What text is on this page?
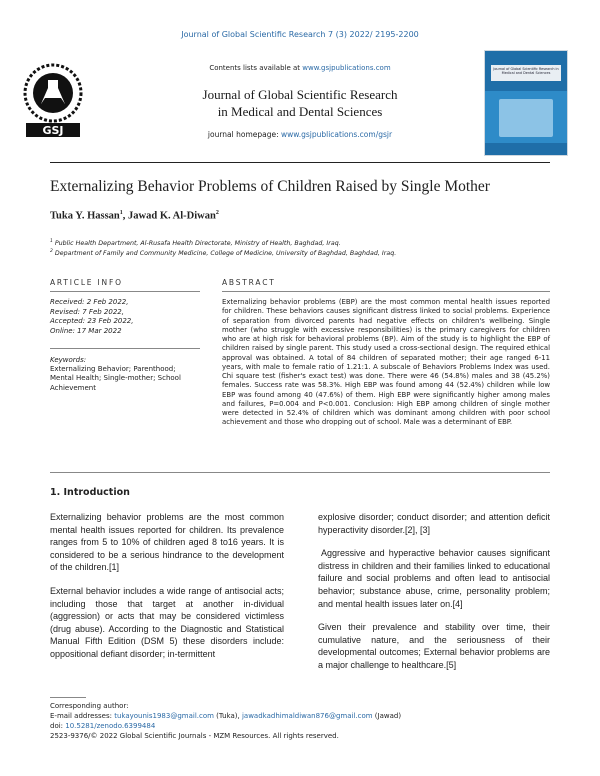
Journal of Global Scientific Research 7 (3) 2022/ 2195-2200
GSJ
Contents lists available at www.gsjpublications.com
Journal of Global Scientific Research
in Medical and Dental Sciences
journal homepage: www.gsjpublications.com/gsjr
Journal of Global Scientific Research in Medical and Dental Sciences
Externalizing Behavior Problems of Children Raised by Single Mother
Tuka Y. Hassan$^1$, Jawad K. Al-Diwan$^2$
$^1$ Public Health Department, Al-Rusafa Health Directorate, Ministry of Health, Baghdad, Iraq.
$^2$ Department of Family and Community Medicine, College of Medicine, University of Baghdad, Baghdad, Iraq.
ARTICLE INFO
Received: 2 Feb 2022,
Revised: 7 Feb 2022,
Accepted: 23 Feb 2022,
Online: 17 Mar 2022
Keywords:
Externalizing Behavior; Parenthood; Mental Health; Single-mother; School Achievement
ABSTRACT
Externalizing behavior problems (EBP) are the most common mental health issues reported for children. These behaviors causes significant distress linked to social problems. Experience of separation from divorced parents had negative effects on children's wellbeing. Single mother (who struggle with excessive responsibilities) is the primary caregivers for children who are at high risk for behavioral problems (BP). Aim of the study is to highlight the EBP of children raised by single parent. This study used a cross-sectional design. The required ethical approval was obtained. A total of 84 children of separated mother; their age ranged 6-11 years, with male to female ratio of 1.21:1. A subscale of Behaviors Problems Index was used. Chi square test (fisher's exact test) was done. There were 46 (54.8%) males and 38 (45.2%) females. Success rate was 58.3%. High EBP was found among 44 (52.4%) children while low EBP was found among 40 (47.6%) of them. High EBP were significantly higher among males and failures, P=0.004 and P<0.001. Conclusion: High EBP among children of single mother were detected in 52.4% of children which was dominant among children with poor school achievement and those who dropping out of school. Male was a determinant of EBP.
1. Introduction

Externalizing behavior problems are the most common mental health issues reported for children. Its prevalence ranges from 5 to 10% of children aged 8 to16 years. It is considered to be a serious hindrance to the development of the children.[1]

External behavior includes a wide range of antisocial acts; including those that target at another in-dividual (aggression) or acts that may be considered victimless (drug abuse). According to the Diagnostic and Statistical Manual Fifth Edition (DSM 5) these disorders include: oppositional defiant disorder; in-termittent

explosive disorder; conduct disorder; and attention deficit hyperactivity disorder.[2], [3]

Aggressive and hyperactive behavior causes significant distress in children and their families linked to educational failure and social problems and often lead to antisocial behavior; substance abuse, crime, personality problem; and mental health issues later on.[4]

Given their prevalence and stability over time, their cumulative nature, and the seriousness of their developmental outcomes; External behavior problems are a major challenge to healthcare.[5]

Corresponding author:
E-mail addresses: tukayounis1983@gmail.com (Tuka), jawadkadhimaldiwan876@gmail.com (Jawad)
doi: 10.5281/zenodo.6399484
2523-9376/© 2022 Global Scientific Journals - MZM Resources. All rights reserved.
